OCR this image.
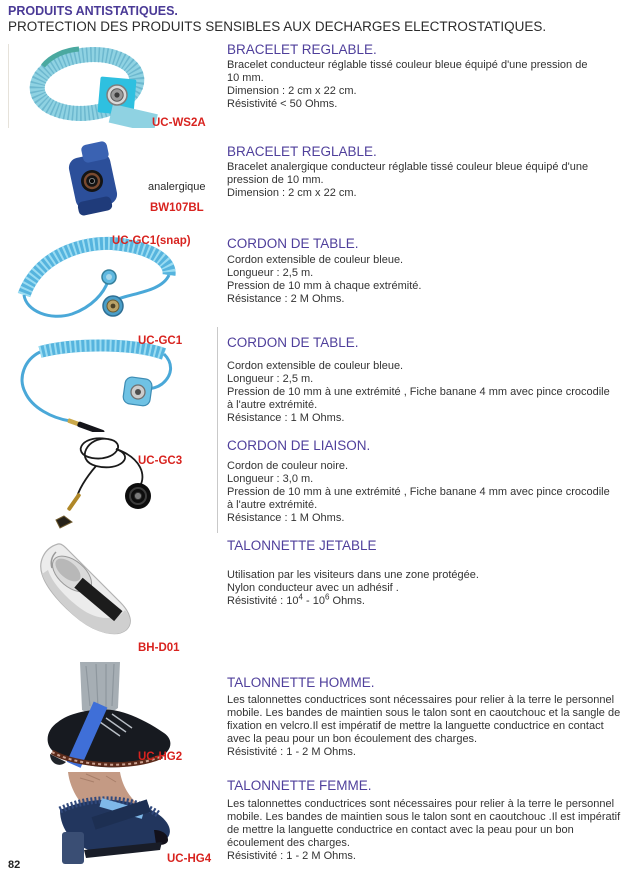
PRODUITS ANTISTATIQUES.
PROTECTION DES PRODUITS SENSIBLES AUX DECHARGES ELECTROSTATIQUES.
UC-WS2A
BRACELET REGLABLE.
Bracelet conducteur réglable tissé couleur bleue équipé d'une pression de
10 mm.
Dimension : 2 cm x 22 cm.
Résistivité < 50 Ohms.
analergique
BW107BL
BRACELET REGLABLE.
Bracelet analergique conducteur réglable tissé couleur bleue équipé d'une
pression de 10 mm.
Dimension : 2 cm x 22 cm.
UC-GC1(snap)	CORDON DE TABLE.
Cordon extensible de couleur bleue.
Longueur : 2,5 m.
Pression de 10 mm à chaque extrémité.
Résistance : 2 M Ohms.
UC-GC1	CORDON DE TABLE.
Cordon extensible de couleur bleue.
Longueur : 2,5 m.
Pression de 10 mm à une extrémité , Fiche banane 4 mm avec pince crocodile
à l'autre extrémité.
Résistance : 1 M Ohms.
UC-GC3
CORDON DE LIAISON.
Cordon de couleur noire.
Longueur : 3,0 m.
Pression de 10 mm à une extrémité , Fiche banane 4 mm avec pince crocodile
à l'autre extrémité.
Résistance : 1 M Ohms.
BH-D01
TALONNETTE JETABLE
Utilisation par les visiteurs dans une zone protégée.
Nylon conducteur avec un adhésif .
Résistivité : $10^4 - 10^6$ Ohms.
UC-HG2
TALONNETTE HOMME.
Les talonnettes conductrices sont nécessaires pour relier à la terre le personnel
mobile. Les bandes de maintien sous le talon sont en caoutchouc et la sangle de
fixation en velcro.Il est impératif de mettre la languette conductrice en contact
avec la peau pour un bon écoulement des charges.
Résistivité : 1 - 2 M Ohms.
UC-HG4
TALONNETTE FEMME.
Les talonnettes conductrices sont nécessaires pour relier à la terre le personnel
mobile. Les bandes de maintien sous le talon sont en caoutchouc .Il est impératif
de mettre la languette conductrice en contact avec la peau pour un bon
écoulement des charges.
Résistivité : 1 - 2 M Ohms.
82
